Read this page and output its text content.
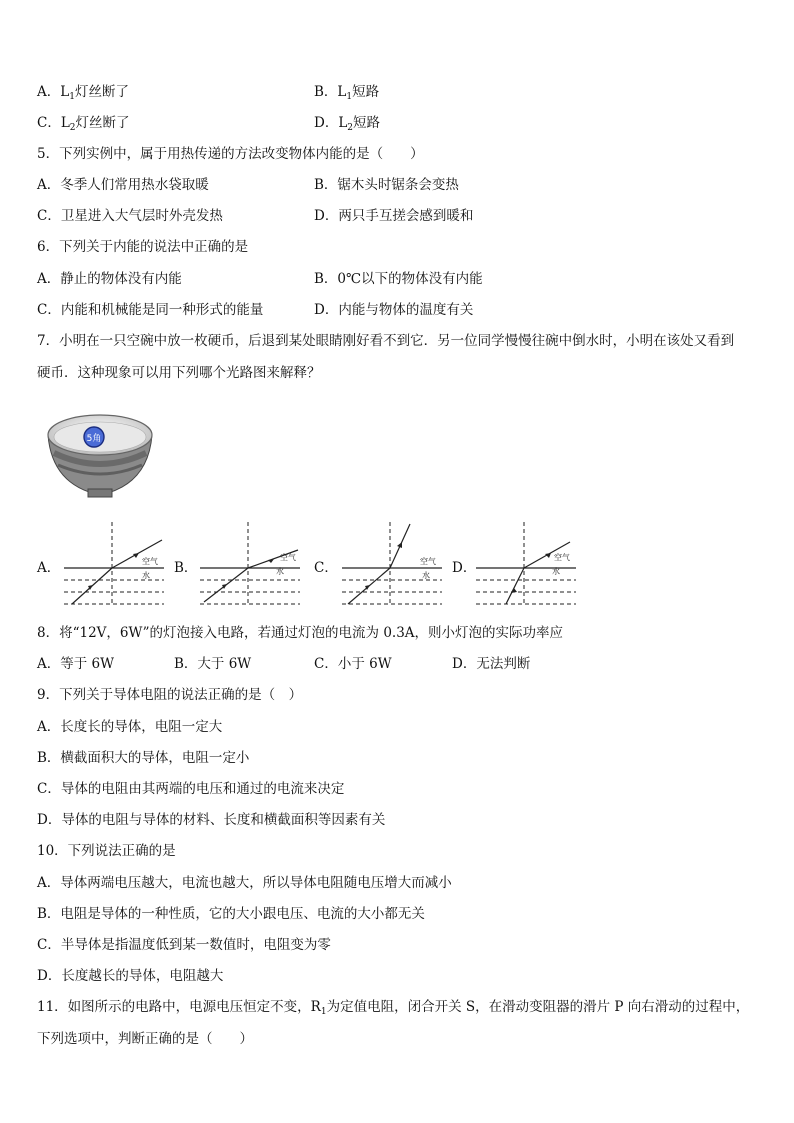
A．$L_1$灯丝断了	B．$L_1$短路
C．$L_2$灯丝断了	D．$L_2$短路
5．下列实例中，属于用热传递的方法改变物体内能的是（　　）
A．冬季人们常用热水袋取暖	B．锯木头时锯条会变热
C．卫星进入大气层时外壳发热	D．两只手互搓会感到暖和
6．下列关于内能的说法中正确的是
A．静止的物体没有内能	B．0℃以下的物体没有内能
C．内能和机械能是同一种形式的能量	D．内能与物体的温度有关
7．小明在一只空碗中放一枚硬币，后退到某处眼睛刚好看不到它．另一位同学慢慢往碗中倒水时，小明在该处又看到
硬币．这种现象可以用下列哪个光路图来解释？
5角
A．	B．	C．	D．
空气
水
空气
水
空气
水
空气
水
8．将“12V，6W”的灯泡接入电路，若通过灯泡的电流为 0.3A，则小灯泡的实际功率应
A．等于 6W	B．大于 6W	C．小于 6W	D．无法判断
9．下列关于导体电阻的说法正确的是（　）
A．长度长的导体，电阻一定大
B．横截面积大的导体，电阻一定小
C．导体的电阻由其两端的电压和通过的电流来决定
D．导体的电阻与导体的材料、长度和横截面积等因素有关
10．下列说法正确的是
A．导体两端电压越大，电流也越大，所以导体电阻随电压增大而减小
B．电阻是导体的一种性质，它的大小跟电压、电流的大小都无关
C．半导体是指温度低到某一数值时，电阻变为零
D．长度越长的导体，电阻越大
11．如图所示的电路中，电源电压恒定不变，$R_1$为定值电阻，闭合开关 S，在滑动变阻器的滑片 P 向右滑动的过程中，
下列选项中，判断正确的是（　　）
